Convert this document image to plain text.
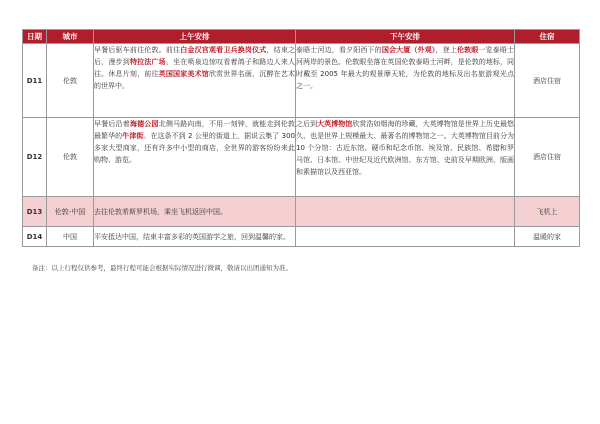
日期	城市	上午安排	下午安排	住宿
D11	伦敦	早餐后驱车前往伦敦。前往白金汉宫观看卫兵换岗仪式，结束之后，漫步到特拉法广场，坐在喷泉边惊叹看着鸽子和路边人来人往。休息片刻，前往英国国家美术馆欣赏世界名画，沉醉在艺术的世界中。	泰晤士河边，看夕阳西下的国会大厦（外观），登上伦敦眼一览泰晤士河两岸的景色。伦敦眼坐落在英国伦敦泰晤士河畔，是伦敦的地标，同时戴至 2005 年最大的观景摩天轮，为伦敦的地标及出名旅游观光点之一。	酒店住宿
D12	伦敦	早餐后沿着海德公园北侧马路向南，不用一刻钟，就能走到伦敦最繁华的牛津街。在这条不到 2 公里的街道上，据说云集了 300 多家大型商家，还有许多中小型的商店，全世界的游客纷纷来此购物、游览。	之后到大英博物馆欣赏浩如烟海的珍藏，大英博物馆是世界上历史最悠久、也是世界上规模最大、最著名的博物馆之一。大英博物馆目前分为 10 个分馆：古近东馆、硬币和纪念币馆、埃及馆、民族馆、希腊和罗马馆、日本馆、中世纪及近代欧洲馆、东方馆、史前及早期欧洲、版画和素描馆以及西亚馆。	酒店住宿
D13	伦敦-中国	去往伦敦希斯罗机场，乘坐飞机返回中国。		飞机上
D14	中国	平安抵达中国，结束丰富多彩的英国游学之旅，回到温馨的家。		温暖的家
备注：以上行程仅供参考，最终行程可能会根据实际情况进行微调，敬请以出团通知为准。
